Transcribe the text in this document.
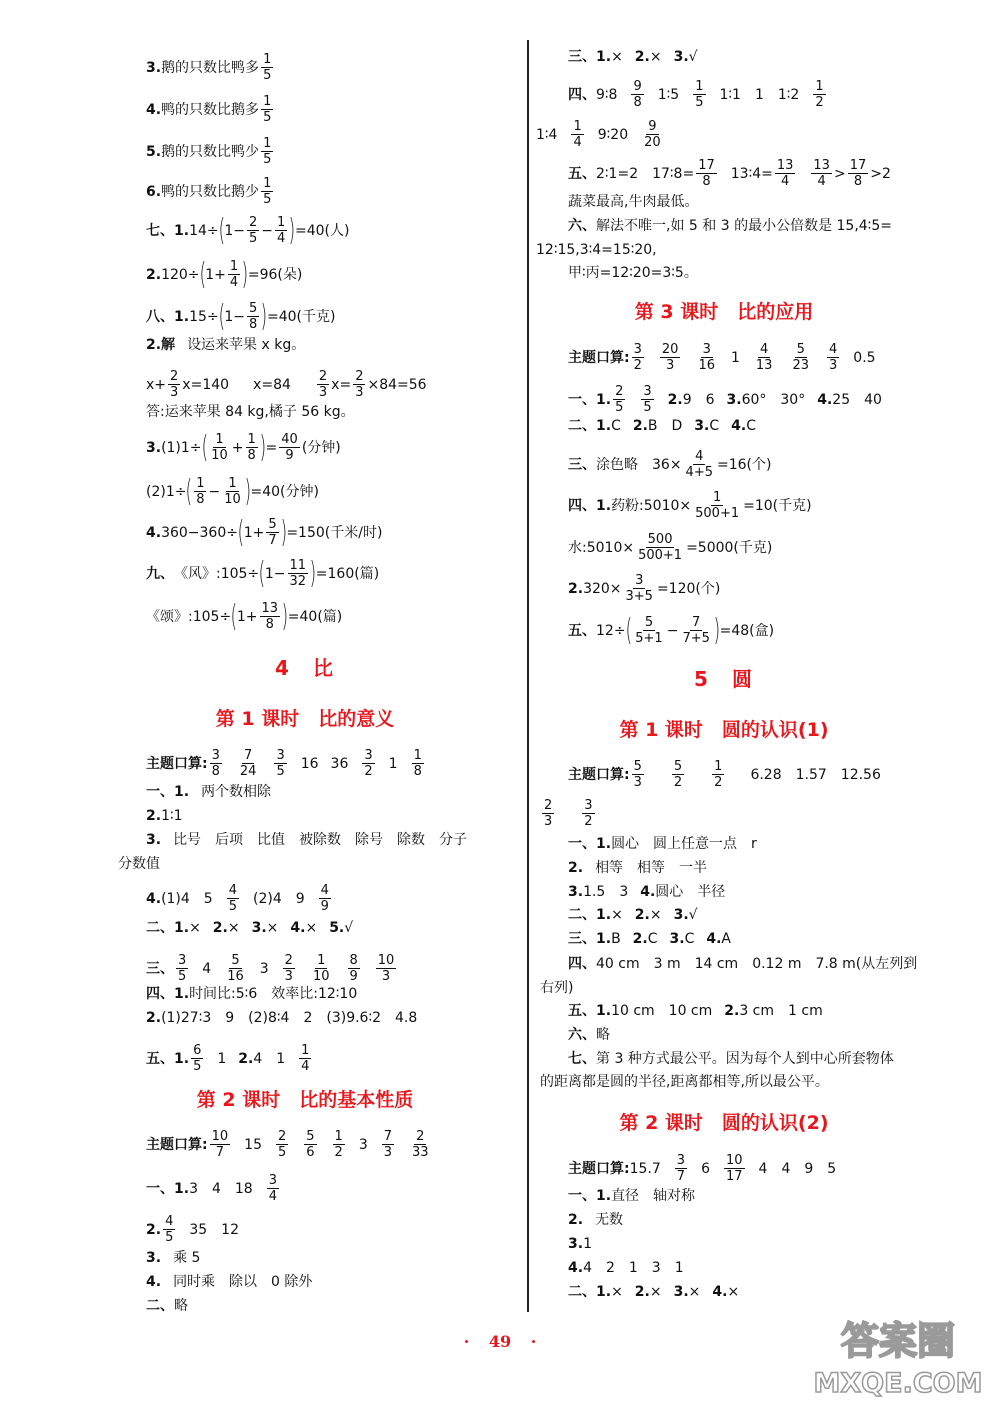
3. 鹅的只数比鸭多 $\frac{1}{5}$
4. 鸭的只数比鹅多 $\frac{1}{5}$
5. 鹅的只数比鸭少 $\frac{1}{5}$
6. 鸭的只数比鹅少 $\frac{1}{5}$
七、1. 14÷ ( $1- \frac{2}{5} - \frac{1}{4}$ ) =40(人)
2. 120÷ ( $1+ \frac{1}{4}$ ) =96(朵)
八、1. 15÷ ( $1- \frac{5}{8}$ ) =40(千克)
2.解 设运来苹果 x kg。
$x+ \frac{2}{3} x=140$ $x=84 \frac{2}{3} x= \frac{2}{3} \times 84=56$
答:运来苹果 84 kg,橘子 56 kg。
3. (1)1÷ ( $\frac{1}{10} + \frac{1}{8}$ ) = $\frac{40}{9}$ (分钟)
(2)1÷ ( $\frac{1}{8} - \frac{1}{10}$ ) =40(分钟)
4. 360−360÷ ( $1+ \frac{5}{7}$ ) =150(千米/时)
九、 《风》:105÷ ( $1- \frac{11}{32}$ ) =160(篇)
《颂》:105÷ ( $1+ \frac{13}{8}$ ) =40(篇)
4　比
第 1 课时　比的意义
主题口算: $\frac{3}{8} \frac{7}{24} \frac{3}{5} 16$ $36 \frac{3}{2} 1 \frac{1}{8}$
一、1. 两个数相除
2. 1∶1
3. 比号　后项　比值　被除数　除号　除数　分子
分数值
4. (1)4　$5 \frac{4}{5} (2)4$　$9 \frac{4}{9}$
二、1. × 2. × 3. × 4. × 5. √
三、 $\frac{3}{5} 4 \frac{5}{16} 3 \frac{2}{3} \frac{1}{10} \frac{8}{9} \frac{10}{3}$
四、1. 时间比:5∶6　效率比:12∶10
2. (1)27∶3　9　(2)8∶4　2　(3)9.6∶2　4.8
五、1. $\frac{6}{5} 1$ 2. 4　$1 \frac{1}{4}$
第 2 课时　比的基本性质
主题口算: $\frac{10}{7} 15 \frac{2}{5} \frac{5}{6} \frac{1}{2} 3 \frac{7}{3} \frac{2}{33}$
一、1. 3　4　$18 \frac{3}{4}$
2. $\frac{4}{5} 35$　12
3. 乘 5
4. 同时乘　除以　0 除外
二、 略
三、1. × 2. × 3. √
四、 9∶8 $\frac{9}{8}$ 1∶5 $\frac{1}{5}$ 1∶1　1　1∶2 $\frac{1}{2}$
1∶4 $\frac{1}{4}$ 9∶20 $\frac{9}{20}$
五、 2∶1=2　17∶8= $\frac{17}{8}$ 13∶4= $\frac{13}{4} \frac{13}{4} > \frac{17}{8} >2$
蔬菜最高,牛肉最低。
六、 解法不唯一,如 5 和 3 的最小公倍数是 15,4∶5=
12∶15,3∶4=15∶20,
甲∶丙=12∶20=3∶5。
第 3 课时　比的应用
主题口算: $\frac{3}{2} \frac{20}{3} \frac{3}{16} 1 \frac{4}{13} \frac{5}{23} \frac{4}{3} 0.5$
一、1. $\frac{2}{5} \frac{3}{5} 2$. 9　6 3. 60°　30° 4. 25　40
二、1. C 2. B　D 3. C 4. C
三、 涂色略　$36\times \frac{4}{4+5} =16$(个)
四、1. 药粉:5010× $\frac{1}{500+1} =10$(千克)
水:5010× $\frac{500}{500+1} =5000$(千克)
2. $320\times \frac{3}{3+5} =120$(个)
五、 12÷ ( $\frac{5}{5+1} - \frac{7}{7+5}$ ) =48(盒)
5　圆
第 1 课时　圆的认识(1)
主题口算: $\frac{5}{3} \frac{5}{2} \frac{1}{2} 6.28$　1.57　12.56
$\frac{2}{3} \frac{3}{2}$
一、1. 圆心　圆上任意一点　r
2. 相等　相等　一半
3. 1.5　3 4. 圆心　半径
二、1. × 2. × 3. √
三、1. B 2. C 3. C 4. A
四、 40 cm　3 m　14 cm　0.12 m　7.8 m(从左列到
右列)
五、1. 10 cm　10 cm 2. 3 cm　1 cm
六、 略
七、 第 3 种方式最公平。因为每个人到中心所套物体
的距离都是圆的半径,距离都相等,所以最公平。
第 2 课时　圆的认识(2)
主题口算: $15.7 \frac{3}{7} 6 \frac{10}{17} 4$　4　9　5
一、1. 直径　轴对称
2. 无数
3. 1
4. 4　2　1　3　1
二、1. × 2. × 3. × 4. ×
· 49 ·	答案圈
MXQE.COM
